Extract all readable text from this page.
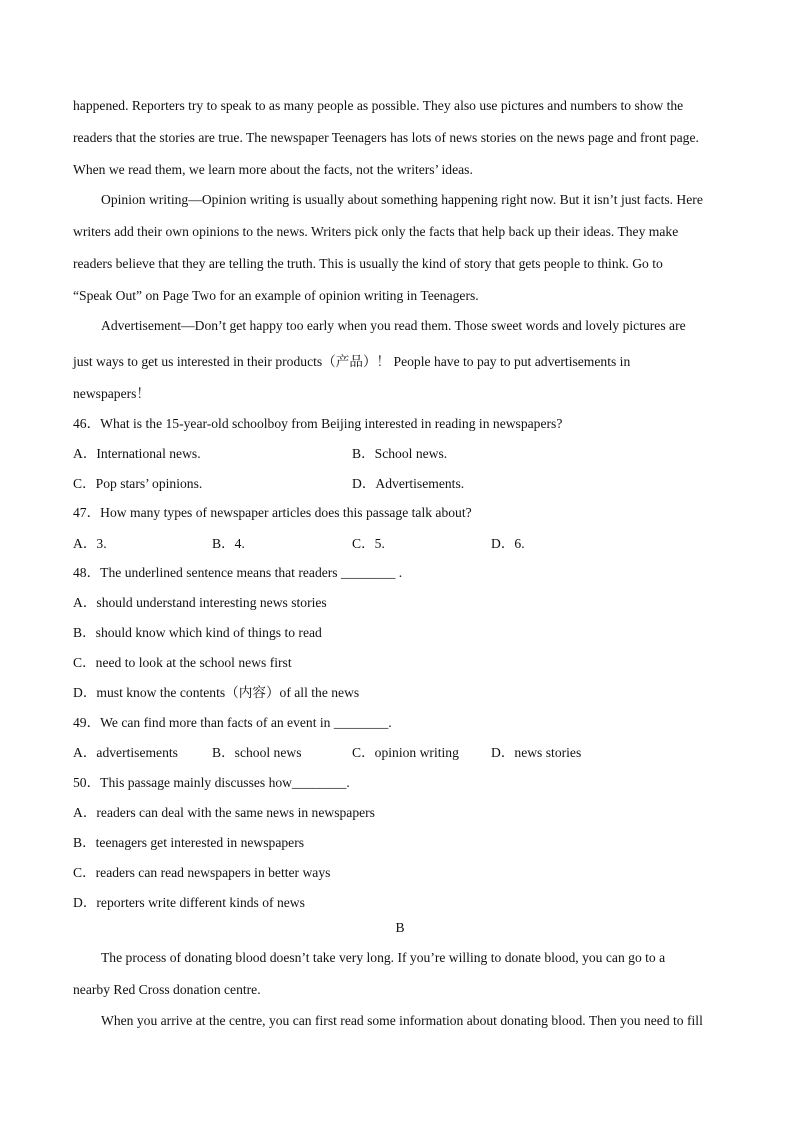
happened. Reporters try to speak to as many people as possible. They also use pictures and numbers to show the
readers that the stories are true. The newspaper Teenagers has lots of news stories on the news page and front page.
When we read them, we learn more about the facts, not the writers’ ideas.
Opinion writing—Opinion writing is usually about something happening right now. But it isn’t just facts. Here
writers add their own opinions to the news. Writers pick only the facts that help back up their ideas. They make
readers believe that they are telling the truth. This is usually the kind of story that gets people to think. Go to
“Speak Out” on Page Two for an example of opinion writing in Teenagers.
Advertisement—Don’t get happy too early when you read them. Those sweet words and lovely pictures are
just ways to get us interested in their products（产品）！ People have to pay to put advertisements in
newspapers！
46．What is the 15-year-old schoolboy from Beijing interested in reading in newspapers?
A．International news.	B．School news.
C．Pop stars’ opinions.	D．Advertisements.
47．How many types of newspaper articles does this passage talk about?
A．3.	B．4.	C．5.	D．6.
48．The underlined sentence means that readers ________ .
A．should understand interesting news stories
B．should know which kind of things to read
C．need to look at the school news first
D．must know the contents（内容）of all the news
49．We can find more than facts of an event in ________.
A．advertisements	B．school news	C．opinion writing D．news stories
50．This passage mainly discusses how________.
A．readers can deal with the same news in newspapers
B．teenagers get interested in newspapers
C．readers can read newspapers in better ways
D．reporters write different kinds of news
B
The process of donating blood doesn’t take very long. If you’re willing to donate blood, you can go to a
nearby Red Cross donation centre.
When you arrive at the centre, you can first read some information about donating blood. Then you need to fill
